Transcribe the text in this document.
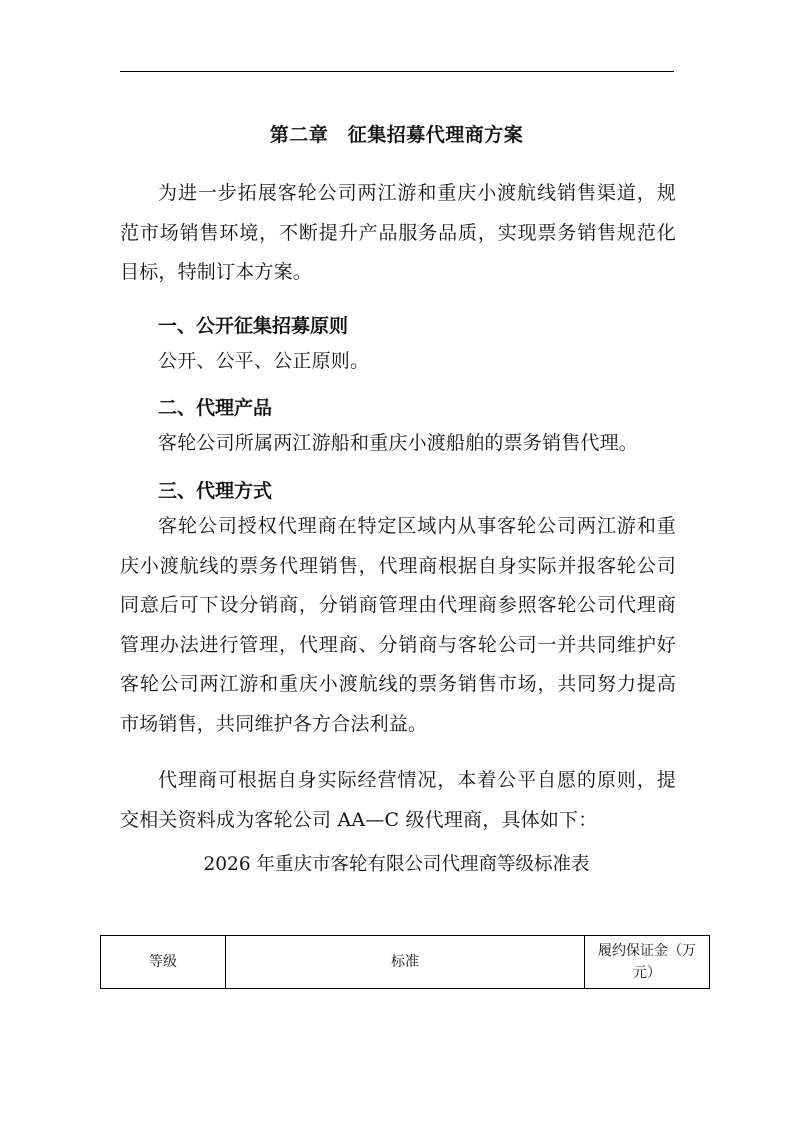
第二章　征集招募代理商方案

为进一步拓展客轮公司两江游和重庆小渡航线销售渠道，规范市场销售环境，不断提升产品服务品质，实现票务销售规范化目标，特制订本方案。

一、公开征集招募原则

公开、公平、公正原则。

二、代理产品

客轮公司所属两江游船和重庆小渡船舶的票务销售代理。

三、代理方式

客轮公司授权代理商在特定区域内从事客轮公司两江游和重庆小渡航线的票务代理销售，代理商根据自身实际并报客轮公司同意后可下设分销商，分销商管理由代理商参照客轮公司代理商管理办法进行管理，代理商、分销商与客轮公司一并共同维护好客轮公司两江游和重庆小渡航线的票务销售市场，共同努力提高市场销售，共同维护各方合法利益。

代理商可根据自身实际经营情况，本着公平自愿的原则，提交相关资料成为客轮公司 AA—C 级代理商，具体如下：

2026 年重庆市客轮有限公司代理商等级标准表
等级	标准	履约保证金（万元）
